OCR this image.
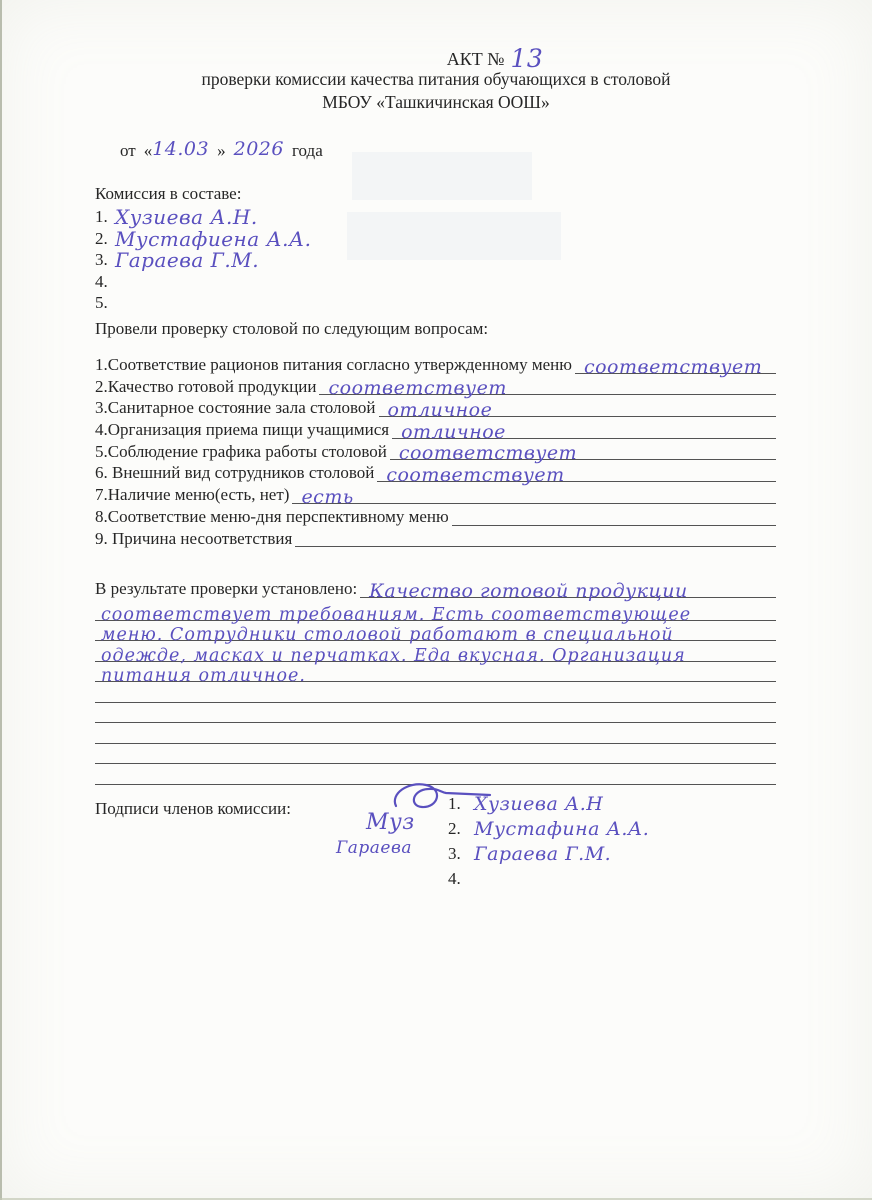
АКТ № 13
проверки комиссии качества питания обучающихся в столовой
МБОУ «Ташкичинская ООШ»
от «14.03 » 2026 года
Комиссия в составе:
1. Хузиева А.Н.
2. Мустафиена А.А.
3. Гараева Г.М.
4.
5.
Провели проверку столовой по следующим вопросам:
1.Соответствие рационов питания согласно утвержденному меню соответствует
2.Качество готовой продукции соответствует
3.Санитарное состояние зала столовой отличное
4.Организация приема пищи учащимися отличное
5.Соблюдение графика работы столовой соответствует
6. Внешний вид сотрудников столовой соответствует
7.Наличие меню(есть, нет) есть
8.Соответствие меню-дня перспективному меню
9. Причина несоответствия
В результате проверки установлено: Качество готовой продукции
соответствует требованиям. Есть соответствующее
меню. Сотрудники столовой работают в специальной
одежде, масках и перчатках. Еда вкусная. Организация
питания отличное.
Подписи членов комиссии:
Муз
Гараева
1. Хузиева А.Н
2. Мустафина А.А.
3. Гараева Г.М.
4.
